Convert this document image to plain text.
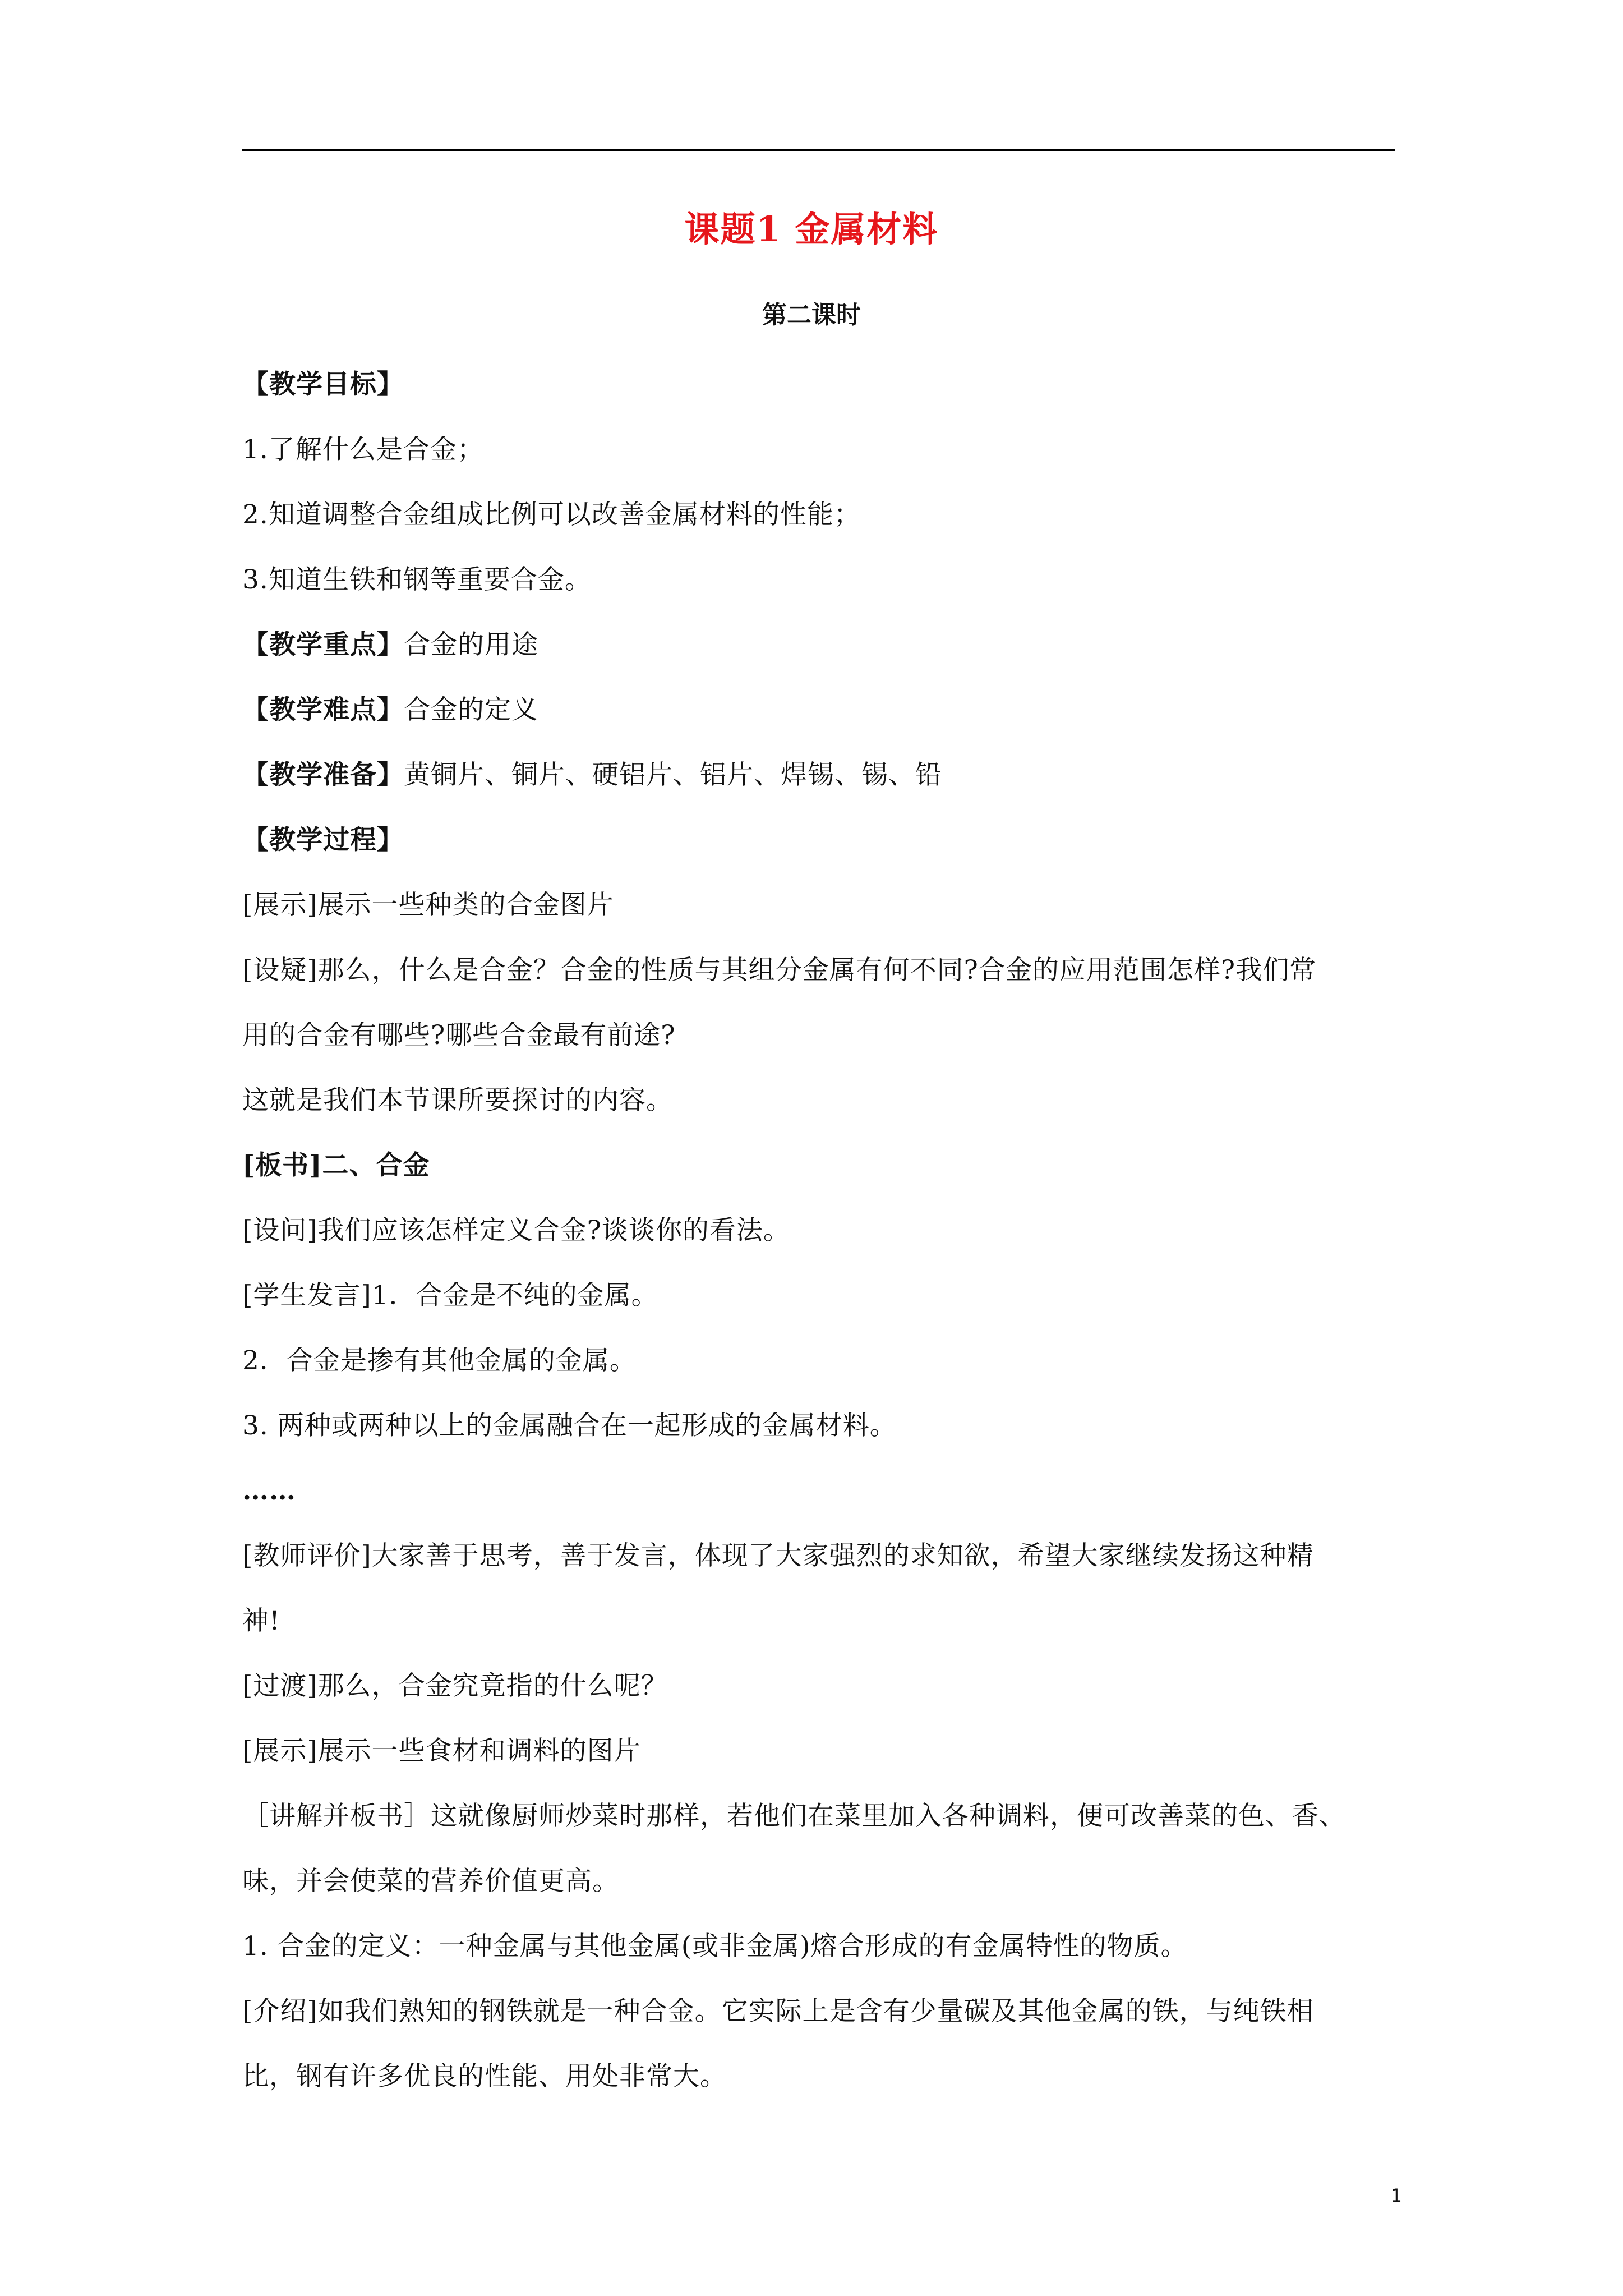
课题1 金属材料
第二课时
【教学目标】
1.了解什么是合金；
2.知道调整合金组成比例可以改善金属材料的性能；
3.知道生铁和钢等重要合金。
【教学重点】合金的用途
【教学难点】合金的定义
【教学准备】黄铜片、铜片、硬铝片、铝片、焊锡、锡、铅
【教学过程】
[展示]展示一些种类的合金图片
[设疑]那么，什么是合金？合金的性质与其组分金属有何不同?合金的应用范围怎样?我们常
用的合金有哪些?哪些合金最有前途?
这就是我们本节课所要探讨的内容。
[板书]二、合金
[设问]我们应该怎样定义合金?谈谈你的看法。
[学生发言]1．合金是不纯的金属。
2．合金是掺有其他金属的金属。
3. 两种或两种以上的金属融合在一起形成的金属材料。
……
[教师评价]大家善于思考，善于发言，体现了大家强烈的求知欲，希望大家继续发扬这种精
神!
[过渡]那么，合金究竟指的什么呢？
[展示]展示一些食材和调料的图片
［讲解并板书］这就像厨师炒菜时那样，若他们在菜里加入各种调料，便可改善菜的色、香、
味，并会使菜的营养价值更高。
1. 合金的定义：一种金属与其他金属(或非金属)熔合形成的有金属特性的物质。
[介绍]如我们熟知的钢铁就是一种合金。它实际上是含有少量碳及其他金属的铁，与纯铁相
比，钢有许多优良的性能、用处非常大。
1
